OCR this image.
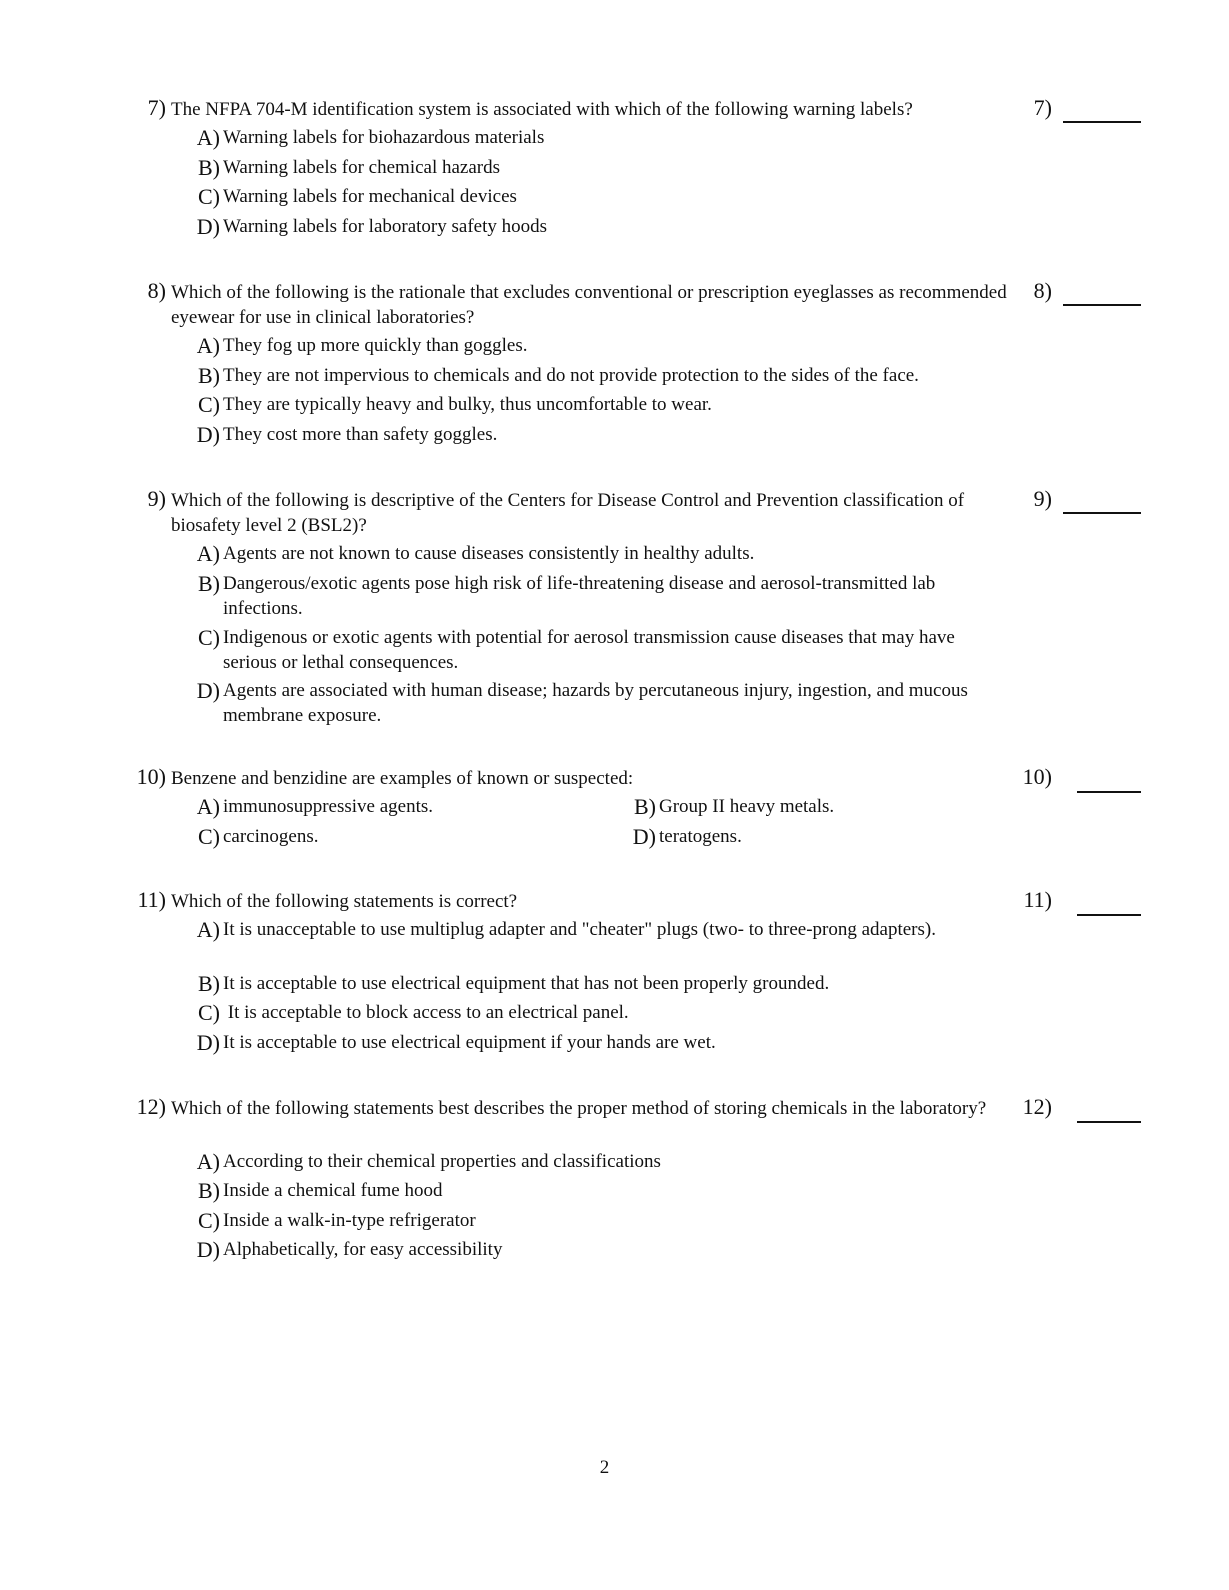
7) The NFPA 704-M identification system is associated with which of the following warning labels?	7)
A) Warning labels for biohazardous materials
B) Warning labels for chemical hazards
C) Warning labels for mechanical devices
D) Warning labels for laboratory safety hoods
8) Which of the following is the rationale that excludes conventional or prescription eyeglasses as recommended eyewear for use in clinical laboratories?
8)
A) They fog up more quickly than goggles.
B) They are not impervious to chemicals and do not provide protection to the sides of the face.
C) They are typically heavy and bulky, thus uncomfortable to wear.
D) They cost more than safety goggles.
9) Which of the following is descriptive of the Centers for Disease Control and Prevention classification of biosafety level 2 (BSL2)?
9)
A) Agents are not known to cause diseases consistently in healthy adults.
B) Dangerous/exotic agents pose high risk of life-threatening disease and aerosol-transmitted lab infections.
C) Indigenous or exotic agents with potential for aerosol transmission cause diseases that may have serious or lethal consequences.
D) Agents are associated with human disease; hazards by percutaneous injury, ingestion, and mucous membrane exposure.
10) Benzene and benzidine are examples of known or suspected:	10)
A) immunosuppressive agents.	B) Group II heavy metals.
C) carcinogens.	D) teratogens.
11) Which of the following statements is correct?	11)
A) It is unacceptable to use multiplug adapter and "cheater" plugs (two- to three-prong adapters).
B) It is acceptable to use electrical equipment that has not been properly grounded.
C) It is acceptable to block access to an electrical panel.
D) It is acceptable to use electrical equipment if your hands are wet.
12) Which of the following statements best describes the proper method of storing chemicals in the laboratory?	12)
A) According to their chemical properties and classifications
B) Inside a chemical fume hood
C) Inside a walk-in-type refrigerator
D) Alphabetically, for easy accessibility
2
